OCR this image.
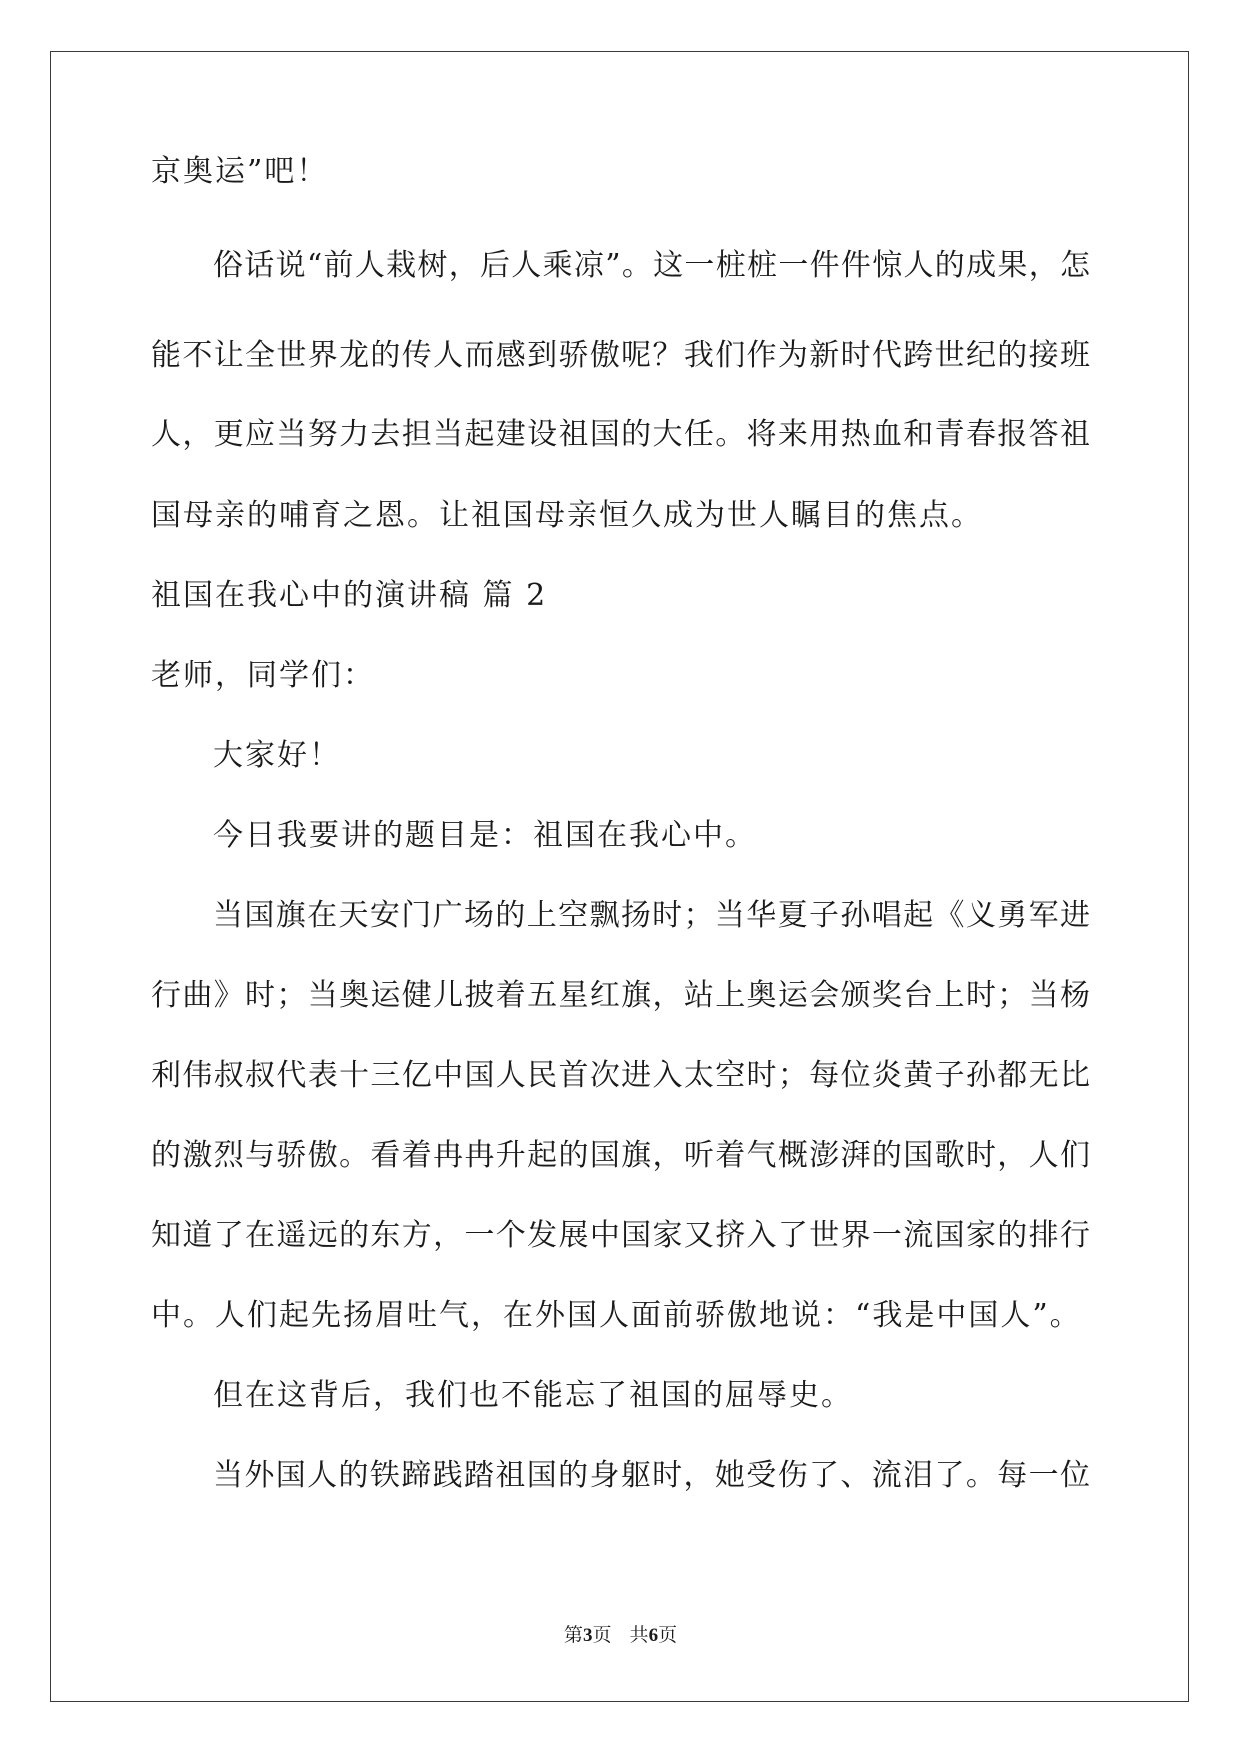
京奥运”吧！
俗话说“前人栽树，后人乘凉”。这一桩桩一件件惊人的成果，怎
能不让全世界龙的传人而感到骄傲呢？我们作为新时代跨世纪的接班
人，更应当努力去担当起建设祖国的大任。将来用热血和青春报答祖
国母亲的哺育之恩。让祖国母亲恒久成为世人瞩目的焦点。
祖国在我心中的演讲稿 篇 2
老师，同学们：
大家好！
今日我要讲的题目是：祖国在我心中。
当国旗在天安门广场的上空飘扬时；当华夏子孙唱起《义勇军进
行曲》时；当奥运健儿披着五星红旗，站上奥运会颁奖台上时；当杨
利伟叔叔代表十三亿中国人民首次进入太空时；每位炎黄子孙都无比
的激烈与骄傲。看着冉冉升起的国旗，听着气概澎湃的国歌时，人们
知道了在遥远的东方，一个发展中国家又挤入了世界一流国家的排行
中。人们起先扬眉吐气，在外国人面前骄傲地说：“我是中国人”。
但在这背后，我们也不能忘了祖国的屈辱史。
当外国人的铁蹄践踏祖国的身躯时，她受伤了、流泪了。每一位
第3页   共6页
